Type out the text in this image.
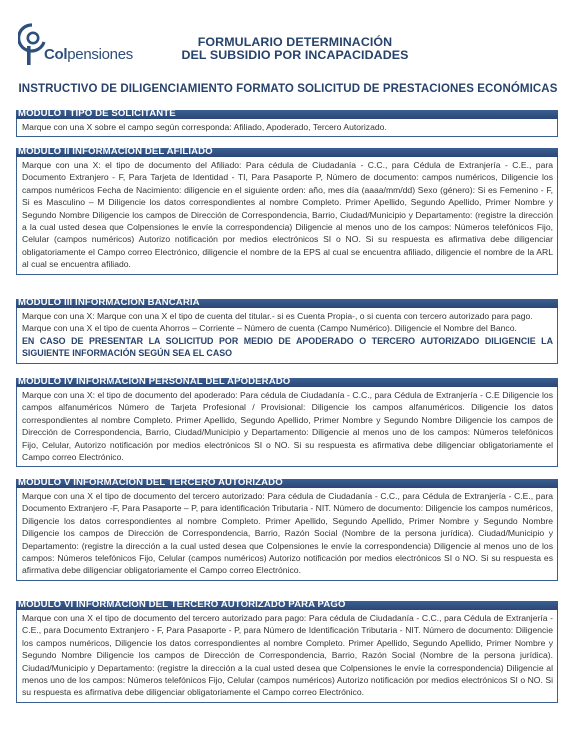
Colpensiones
FORMULARIO DETERMINACIÓN
DEL SUBSIDIO POR INCAPACIDADES
INSTRUCTIVO DE DILIGENCIAMIENTO FORMATO SOLICITUD DE PRESTACIONES ECONÓMICAS
MODULO I TIPO DE SOLICITANTE

Marque con una X sobre el campo según corresponda: Afiliado, Apoderado, Tercero Autorizado.

MODULO II INFORMACIÓN DEL AFILIADO

Marque con una X: el tipo de documento del Afiliado: Para cédula de Ciudadanía - C.C., para Cédula de Extranjería - C.E., para Documento Extranjero - F, Para Tarjeta de Identidad - TI, Para Pasaporte P, Número de documento: campos numéricos, Diligencie los campos numéricos Fecha de Nacimiento: diligencie en el siguiente orden: año, mes día (aaaa/mm/dd) Sexo (género): Si es Femenino - F, Si es Masculino – M Diligencie los datos correspondientes al nombre Completo. Primer Apellido, Segundo Apellido, Primer Nombre y Segundo Nombre Diligencie los campos de Dirección de Correspondencia, Barrio, Ciudad/Municipio y Departamento: (registre la dirección a la cual usted desea que Colpensiones le envíe la correspondencia) Diligencie al menos uno de los campos: Números telefónicos Fijo, Celular (campos numéricos) Autorizo notificación por medios electrónicos SI o NO. Si su respuesta es afirmativa debe diligenciar obligatoriamente el Campo correo Electrónico, diligencie el nombre de la EPS al cual se encuentra afiliado, diligencie el nombre de la ARL al cual se encuentra afiliado.

MODULO III INFORMACIÓN BANCARIA

Marque con una X: Marque con una X el tipo de cuenta del titular.- si es Cuenta Propia-, o si cuenta con tercero autorizado para pago.

Marque con una X el tipo de cuenta Ahorros – Corriente – Número de cuenta (Campo Numérico). Diligencie el Nombre del Banco.

EN CASO DE PRESENTAR LA SOLICITUD POR MEDIO DE APODERADO O TERCERO AUTORIZADO DILIGENCIE LA SIGUIENTE INFORMACIÓN SEGÚN SEA EL CASO

MODULO IV INFORMACIÓN PERSONAL DEL APODERADO

Marque con una X: el tipo de documento del apoderado: Para cédula de Ciudadanía - C.C., para Cédula de Extranjería - C.E Diligencie los campos alfanuméricos Número de Tarjeta Profesional / Provisional: Diligencie los campos alfanuméricos. Diligencie los datos correspondientes al nombre Completo. Primer Apellido, Segundo Apellido, Primer Nombre y Segundo Nombre Diligencie los campos de Dirección de Correspondencia, Barrio, Ciudad/Municipio y Departamento: Diligencie al menos uno de los campos: Números telefónicos Fijo, Celular, Autorizo notificación por medios electrónicos SI o NO. Si su respuesta es afirmativa debe diligenciar obligatoriamente el Campo correo Electrónico.

MODULO V INFORMACIÓN DEL TERCERO AUTORIZADO

Marque con una X el tipo de documento del tercero autorizado: Para cédula de Ciudadanía - C.C., para Cédula de Extranjería - C.E., para Documento Extranjero -F, Para Pasaporte – P, para identificación Tributaria - NIT. Número de documento: Diligencie los campos numéricos, Diligencie los datos correspondientes al nombre Completo. Primer Apellido, Segundo Apellido, Primer Nombre y Segundo Nombre Diligencie los campos de Dirección de Correspondencia, Barrio, Razón Social (Nombre de la persona jurídica). Ciudad/Municipio y Departamento: (registre la dirección a la cual usted desea que Colpensiones le envíe la correspondencia) Diligencie al menos uno de los campos: Números telefónicos Fijo, Celular (campos numéricos) Autorizo notificación por medios electrónicos SI o NO. Si su respuesta es afirmativa debe diligenciar obligatoriamente el Campo correo Electrónico.

MODULO VI INFORMACIÓN DEL TERCERO AUTORIZADO PARA PAGO

Marque con una X el tipo de documento del tercero autorizado para pago: Para cédula de Ciudadanía - C.C., para Cédula de Extranjería - C.E., para Documento Extranjero - F, Para Pasaporte - P, para Número de Identificación Tributaria - NIT. Número de documento: Diligencie los campos numéricos, Diligencie los datos correspondientes al nombre Completo. Primer Apellido, Segundo Apellido, Primer Nombre y Segundo Nombre Diligencie los campos de Dirección de Correspondencia, Barrio, Razón Social (Nombre de la persona jurídica). Ciudad/Municipio y Departamento: (registre la dirección a la cual usted desea que Colpensiones le envíe la correspondencia) Diligencie al menos uno de los campos: Números telefónicos Fijo, Celular (campos numéricos) Autorizo notificación por medios electrónicos SI o NO. Si su respuesta es afirmativa debe diligenciar obligatoriamente el Campo correo Electrónico.
